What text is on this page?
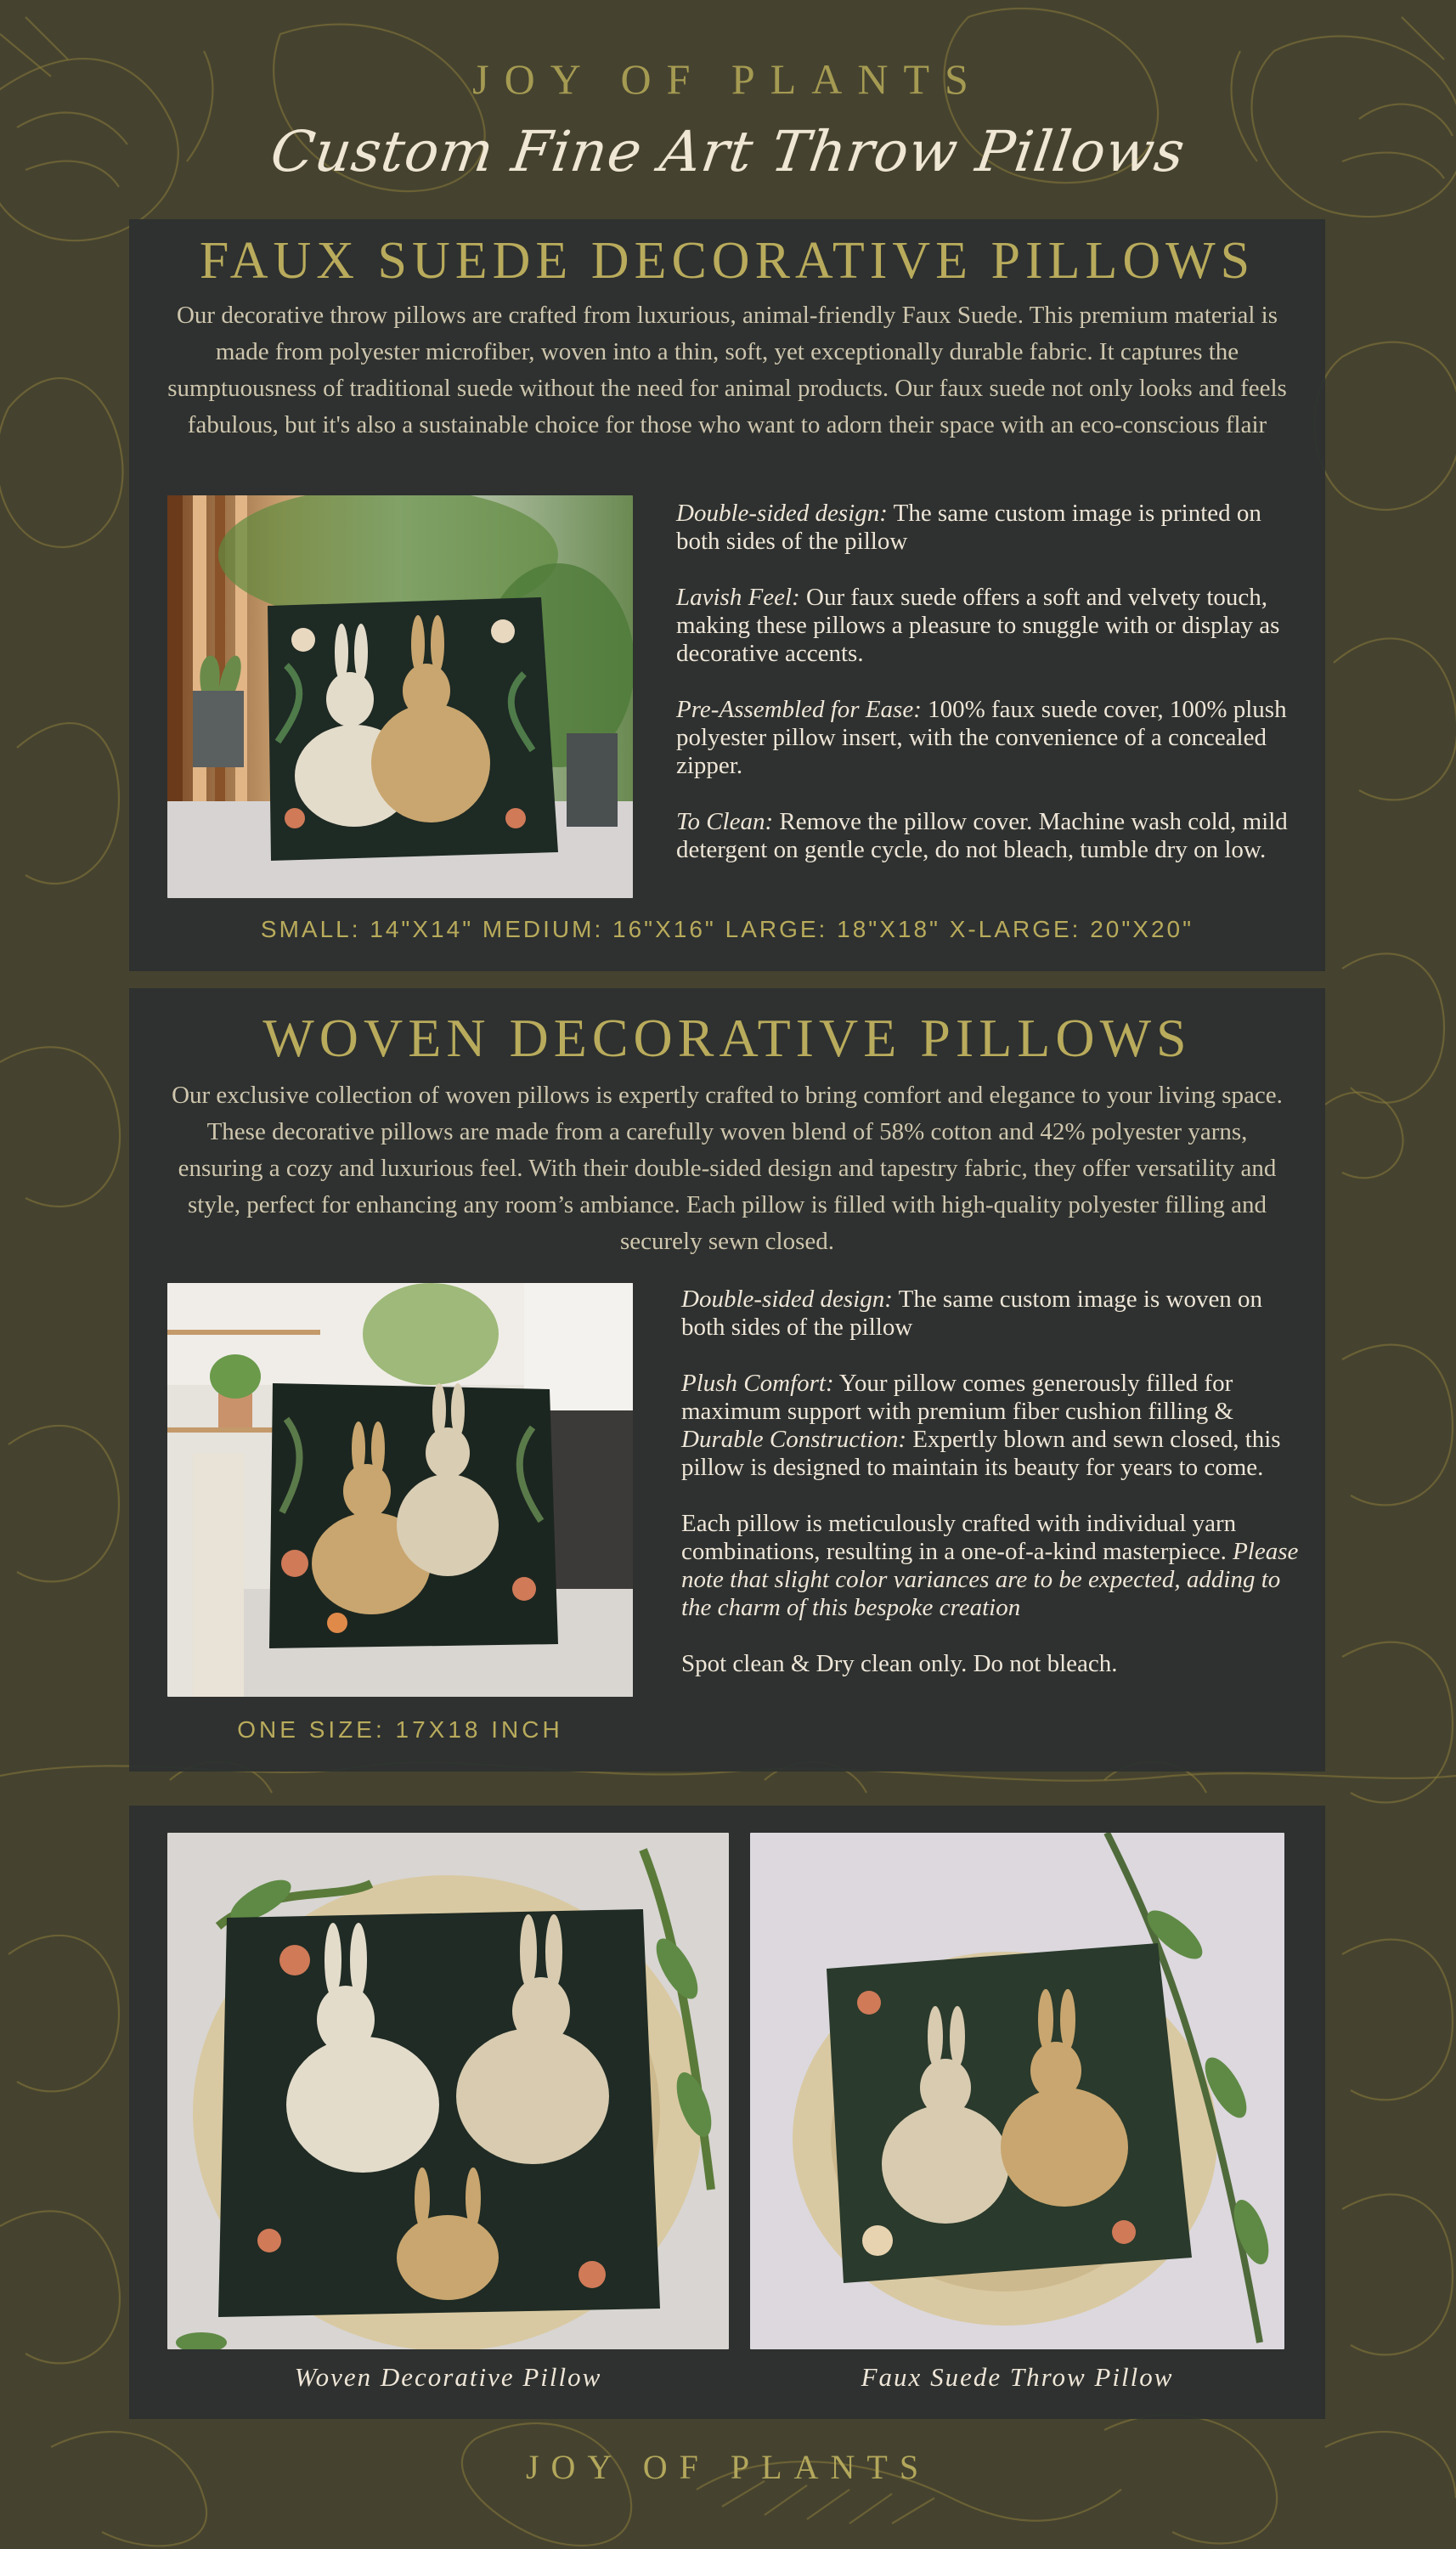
JOY OF PLANTS
Custom Fine Art Throw Pillows
FAUX SUEDE DECORATIVE PILLOWS

Our decorative throw pillows are crafted from luxurious, animal-friendly Faux Suede. This premium material is made from polyester microfiber, woven into a thin, soft, yet exceptionally durable fabric. It captures the sumptuousness of traditional suede without the need for animal products. Our faux suede not only looks and feels fabulous, but it's also a sustainable choice for those who want to adorn their space with an eco-conscious flair

Double-sided design: The same custom image is printed on both sides of the pillow

Lavish Feel: Our faux suede offers a soft and velvety touch, making these pillows a pleasure to snuggle with or display as decorative accents.

Pre-Assembled for Ease: 100% faux suede cover, 100% plush polyester pillow insert, with the convenience of a concealed zipper.

To Clean: Remove the pillow cover. Machine wash cold, mild detergent on gentle cycle, do not bleach, tumble dry on low.

SMALL: 14"X14" MEDIUM: 16"X16" LARGE: 18"X18" X-LARGE: 20"X20"
WOVEN DECORATIVE PILLOWS

Our exclusive collection of woven pillows is expertly crafted to bring comfort and elegance to your living space. These decorative pillows are made from a carefully woven blend of 58% cotton and 42% polyester yarns, ensuring a cozy and luxurious feel. With their double-sided design and tapestry fabric, they offer versatility and style, perfect for enhancing any room’s ambiance. Each pillow is filled with high-quality polyester filling and securely sewn closed.

Double-sided design: The same custom image is woven on both sides of the pillow

Plush Comfort: Your pillow comes generously filled for maximum support with premium fiber cushion filling & Durable Construction: Expertly blown and sewn closed, this pillow is designed to maintain its beauty for years to come.

Each pillow is meticulously crafted with individual yarn combinations, resulting in a one-of-a-kind masterpiece. Please note that slight color variances are to be expected, adding to the charm of this bespoke creation

Spot clean & Dry clean only. Do not bleach.

ONE SIZE: 17X18 INCH
Woven Decorative Pillow	Faux Suede Throw Pillow
JOY OF PLANTS
